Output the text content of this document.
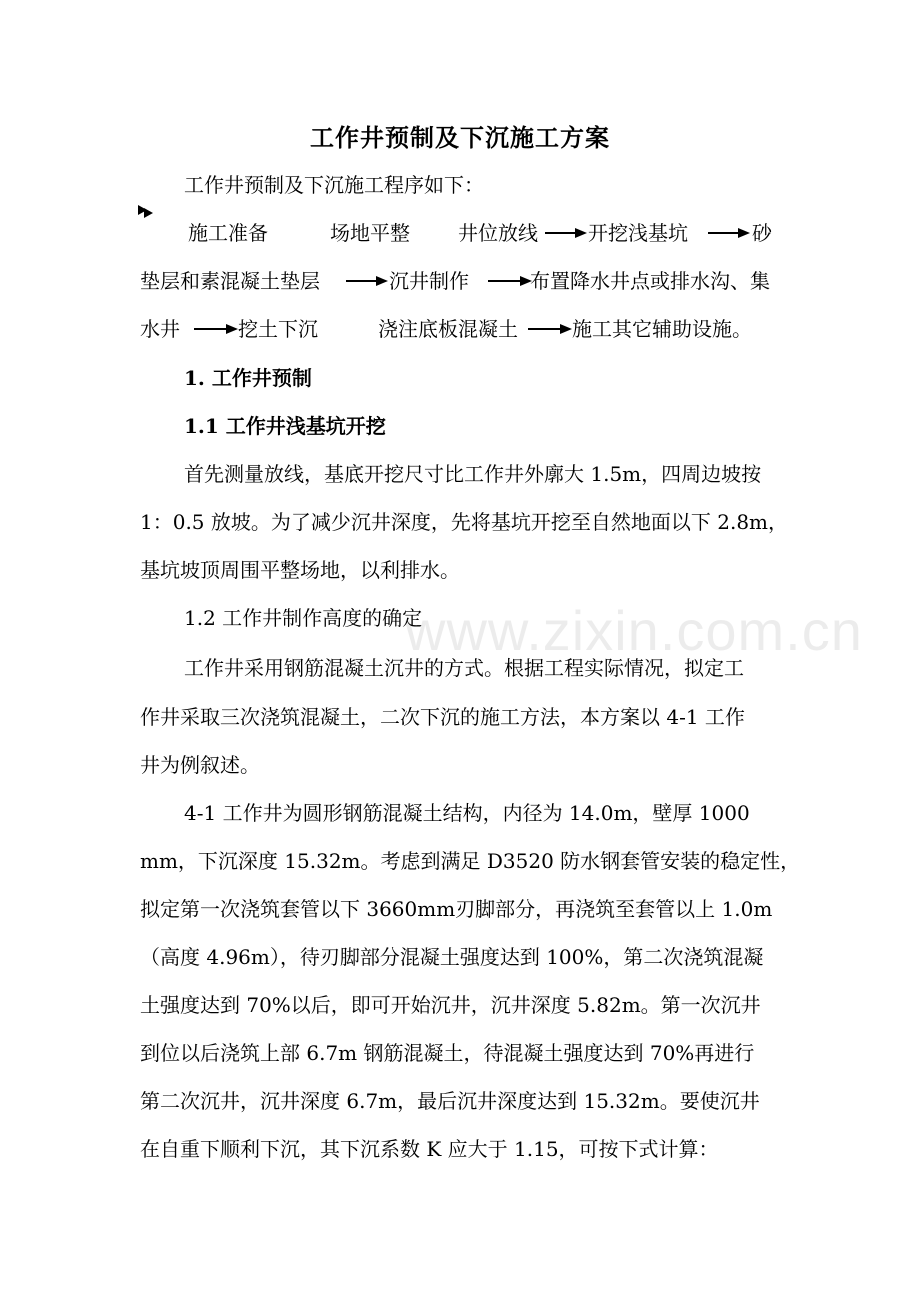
工作井预制及下沉施工方案
工作井预制及下沉施工程序如下：
施工准备	场地平整 井位放线	开挖浅基坑	砂
垫层和素混凝土垫层	沉井制作	布置降水井点或排水沟、集
水井	挖土下沉	浇注底板混凝土	施工其它辅助设施。
1. 工作井预制
1.1 工作井浅基坑开挖
首先测量放线，基底开挖尺寸比工作井外廓大 1.5m，四周边坡按
1：0.5 放坡。为了减少沉井深度，先将基坑开挖至自然地面以下 2.8m，
基坑坡顶周围平整场地，以利排水。
1.2 工作井制作高度的确定
工作井采用钢筋混凝土沉井的方式。根据工程实际情况，拟定工
作井采取三次浇筑混凝土，二次下沉的施工方法，本方案以 4-1 工作
井为例叙述。
4-1 工作井为圆形钢筋混凝土结构，内径为 14.0m，壁厚 1000
mm，下沉深度 15.32m。考虑到满足 D3520 防水钢套管安装的稳定性，
拟定第一次浇筑套管以下 3660mm刃脚部分，再浇筑至套管以上 1.0m
（高度 4.96m），待刃脚部分混凝土强度达到 100%，第二次浇筑混凝
土强度达到 70%以后，即可开始沉井，沉井深度 5.82m。第一次沉井
到位以后浇筑上部 6.7m 钢筋混凝土，待混凝土强度达到 70%再进行
第二次沉井，沉井深度 6.7m，最后沉井深度达到 15.32m。要使沉井
在自重下顺利下沉，其下沉系数 K 应大于 1.15，可按下式计算：
www.zixin.com.cn
